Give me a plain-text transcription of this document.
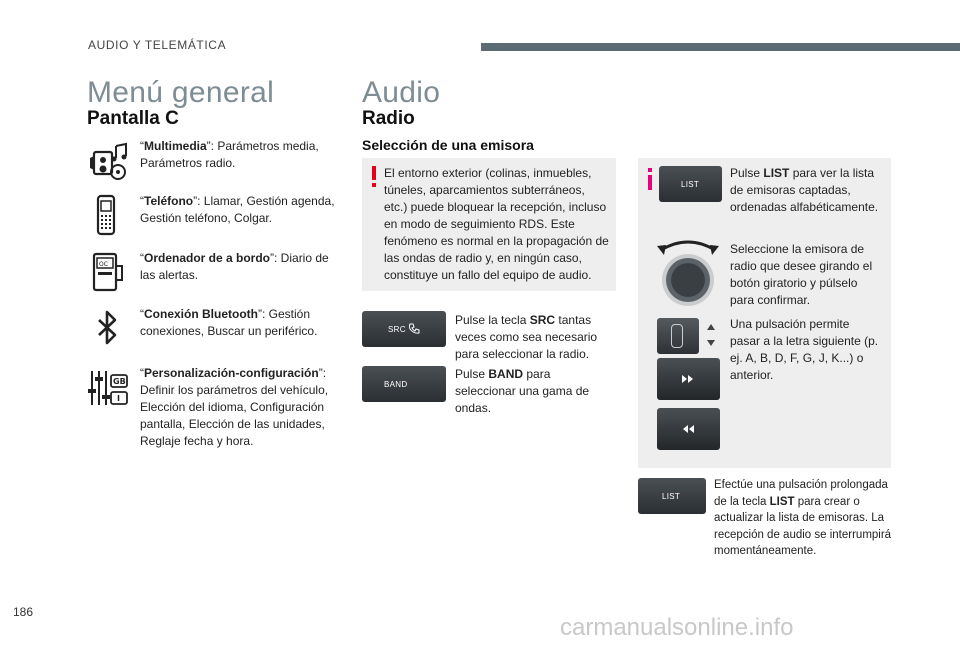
AUDIO Y TELEMÁTICA
Menú general
Pantalla C
“Multimedia”: Parámetros media, Parámetros radio.
“Teléfono”: Llamar, Gestión agenda, Gestión teléfono, Colgar.
OC	“Ordenador de a bordo”: Diario de las alertas.
“Conexión Bluetooth”: Gestión conexiones, Buscar un periférico.
GB
I
“Personalización-configuración”: Definir los parámetros del vehículo, Elección del idioma, Configuración pantalla, Elección de las unidades, Reglaje fecha y hora.
Audio
Radio
Selección de una emisora
El entorno exterior (colinas, inmuebles, túneles, aparcamientos subterráneos, etc.) puede bloquear la recepción, incluso en modo de seguimiento RDS. Este fenómeno es normal en la propagación de las ondas de radio y, en ningún caso, constituye un fallo del equipo de audio.
SRC
Pulse la tecla SRC tantas veces como sea necesario para seleccionar la radio.
BAND
Pulse BAND para seleccionar una gama de ondas.
LIST
Pulse LIST para ver la lista de emisoras captadas, ordenadas alfabéticamente.
Seleccione la emisora de radio que desee girando el botón giratorio y púlselo para confirmar.
Una pulsación permite pasar a la letra siguiente (p. ej. A, B, D, F, G, J, K...) o anterior.
LIST
Efectúe una pulsación prolongada de la tecla LIST para crear o actualizar la lista de emisoras. La recepción de audio se interrumpirá momentáneamente.
186
carmanualsonline.info
